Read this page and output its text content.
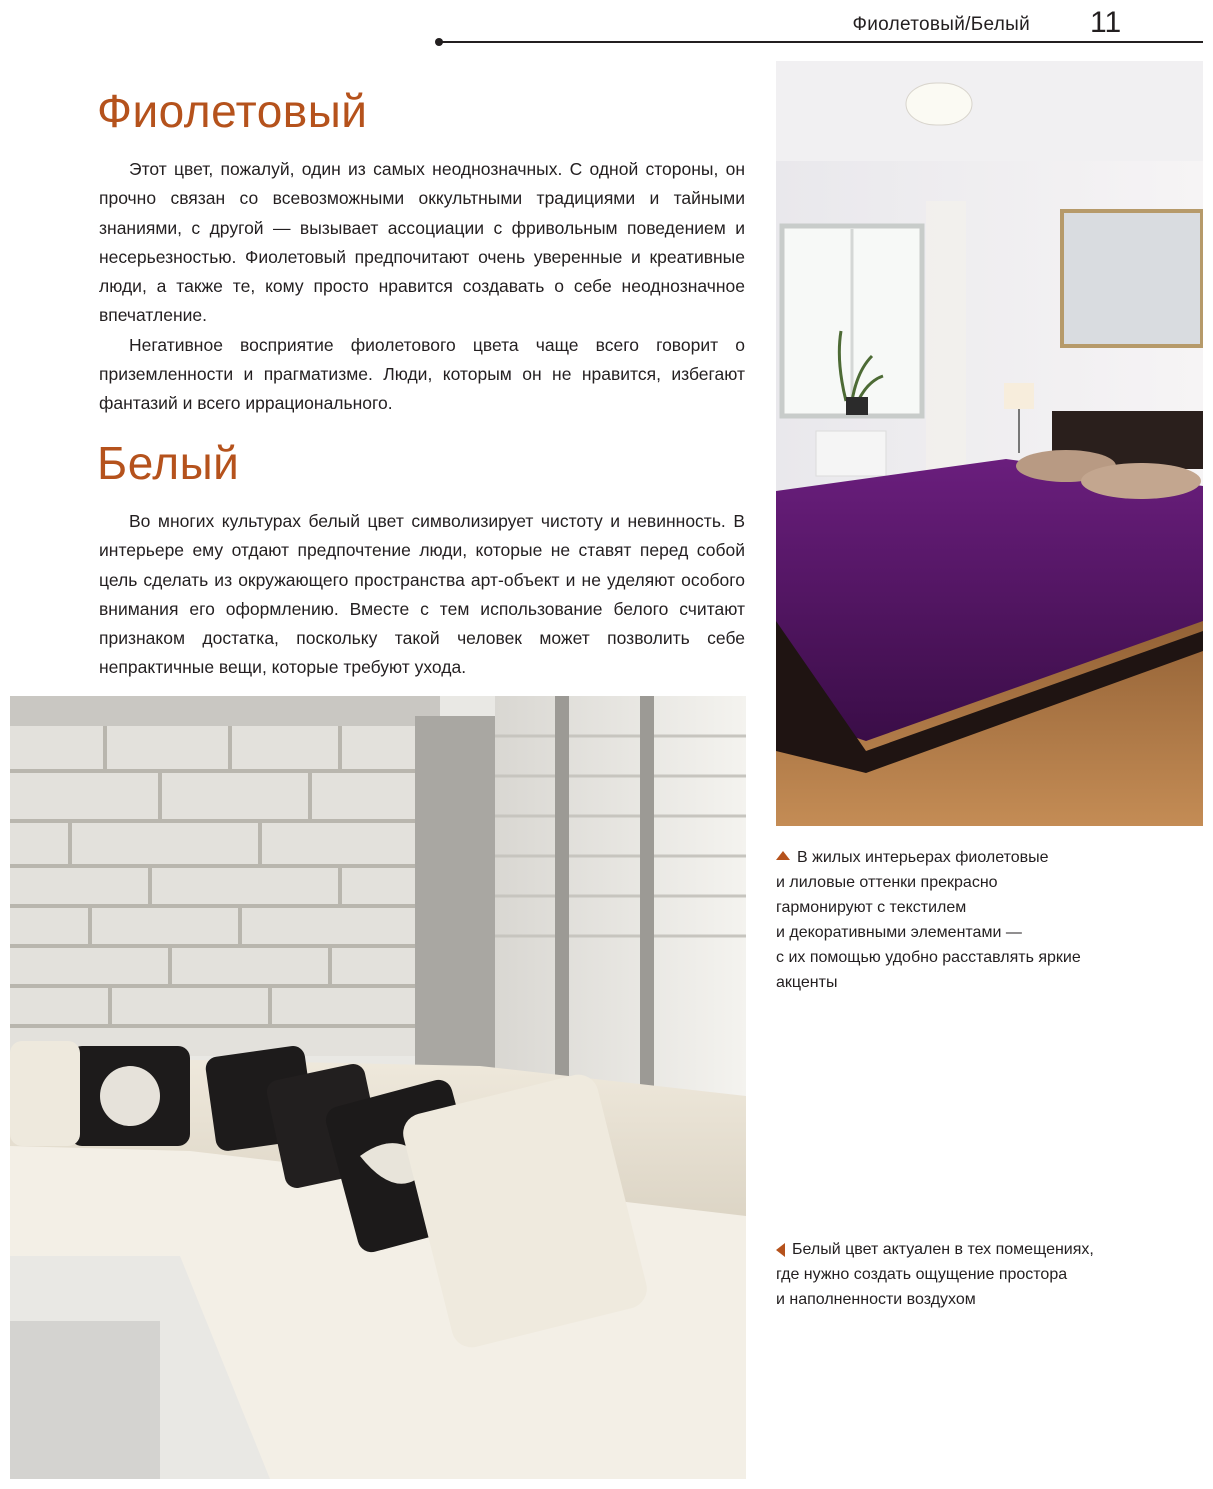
Фиолетовый/Белый 11
Фиолетовый

Этот цвет, пожалуй, один из самых неоднозначных. С одной стороны, он прочно связан со всевозможными оккультными традициями и тайными знаниями, с другой — вызывает ассоциации с фривольным поведением и несерьезностью. Фиолетовый предпочитают очень уверенные и креативные люди, а также те, кому просто нравится создавать о себе неоднозначное впечатление.

Негативное восприятие фиолетового цвета чаще всего говорит о приземленности и прагматизме. Люди, которым он не нравится, избегают фантазий и всего иррационального.

Белый

Во многих культурах белый цвет символизирует чистоту и невинность. В интерьере ему отдают предпочтение люди, которые не ставят перед собой цель сделать из окружающего пространства арт-объект и не уделяют особого внимания его оформлению. Вместе с тем использование белого считают признаком достатка, поскольку такой человек может позволить себе непрактичные вещи, которые требуют ухода.

В жилых интерьерах фиолетовые
и лиловые оттенки прекрасно
гармонируют с текстилем
и декоративными элементами —
с их помощью удобно расставлять яркие
акценты
Белый цвет актуален в тех помещениях,
где нужно создать ощущение простора
и наполненности воздухом
